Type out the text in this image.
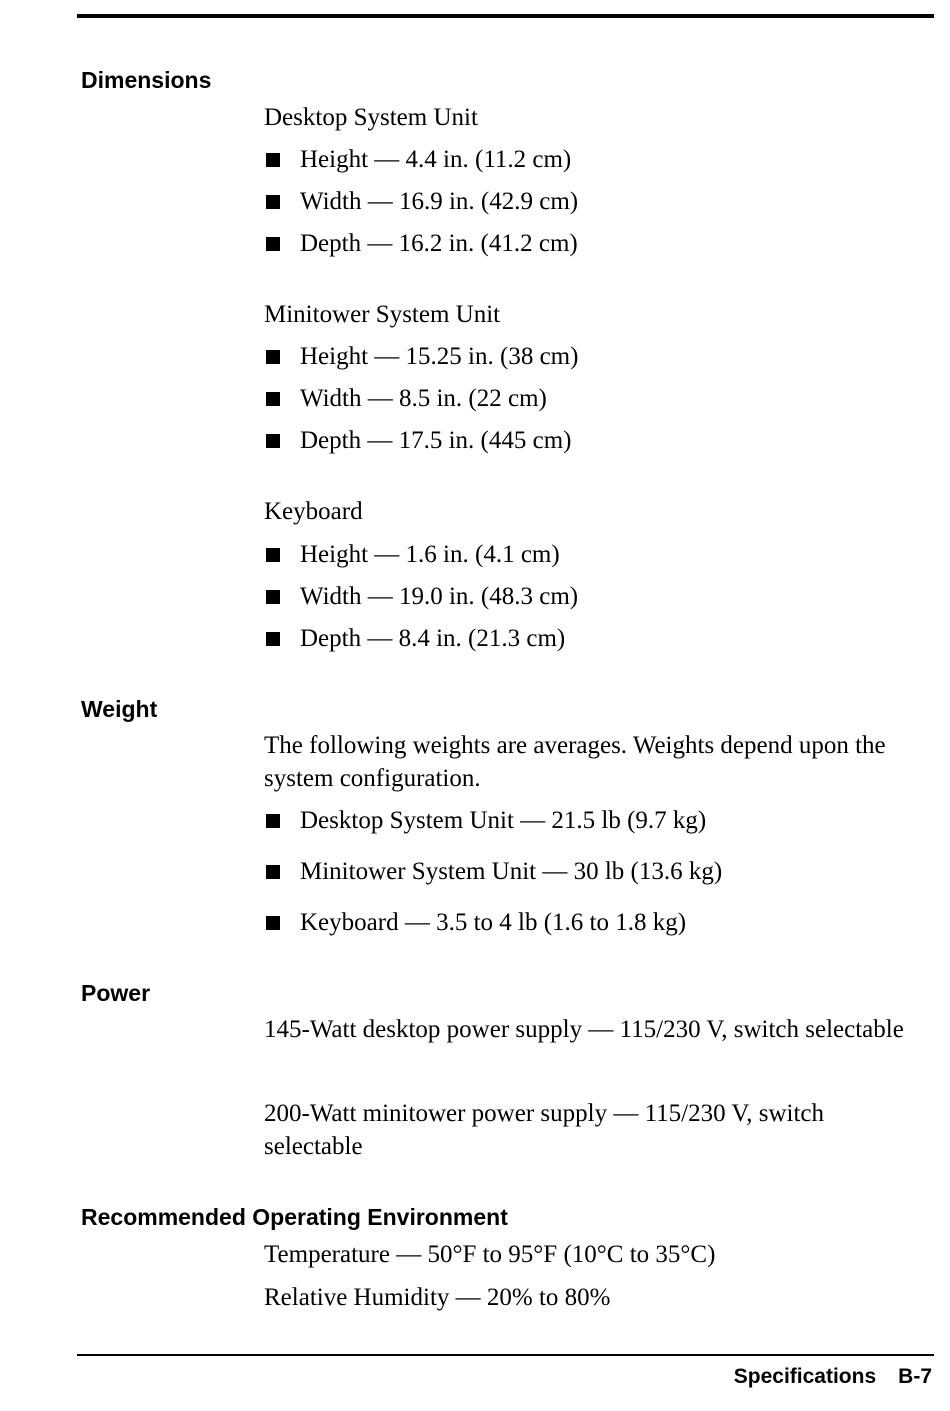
Dimensions
Desktop System Unit
Height — 4.4 in. (11.2 cm)
Width — 16.9 in. (42.9 cm)
Depth — 16.2 in. (41.2 cm)
Minitower System Unit
Height — 15.25 in. (38 cm)
Width — 8.5 in. (22 cm)
Depth — 17.5 in. (445 cm)
Keyboard
Height — 1.6 in. (4.1 cm)
Width — 19.0 in. (48.3 cm)
Depth — 8.4 in. (21.3 cm)
Weight
The following weights are averages. Weights depend upon the system configuration.
Desktop System Unit — 21.5 lb (9.7 kg)
Minitower System Unit — 30 lb (13.6 kg)
Keyboard — 3.5 to 4 lb (1.6 to 1.8 kg)
Power
145-Watt desktop power supply — 115/230 V, switch selectable
200-Watt minitower power supply — 115/230 V, switch selectable
Recommended Operating Environment
Temperature — 50°F to 95°F (10°C to 35°C)
Relative Humidity — 20% to 80%
Specifications B-7
